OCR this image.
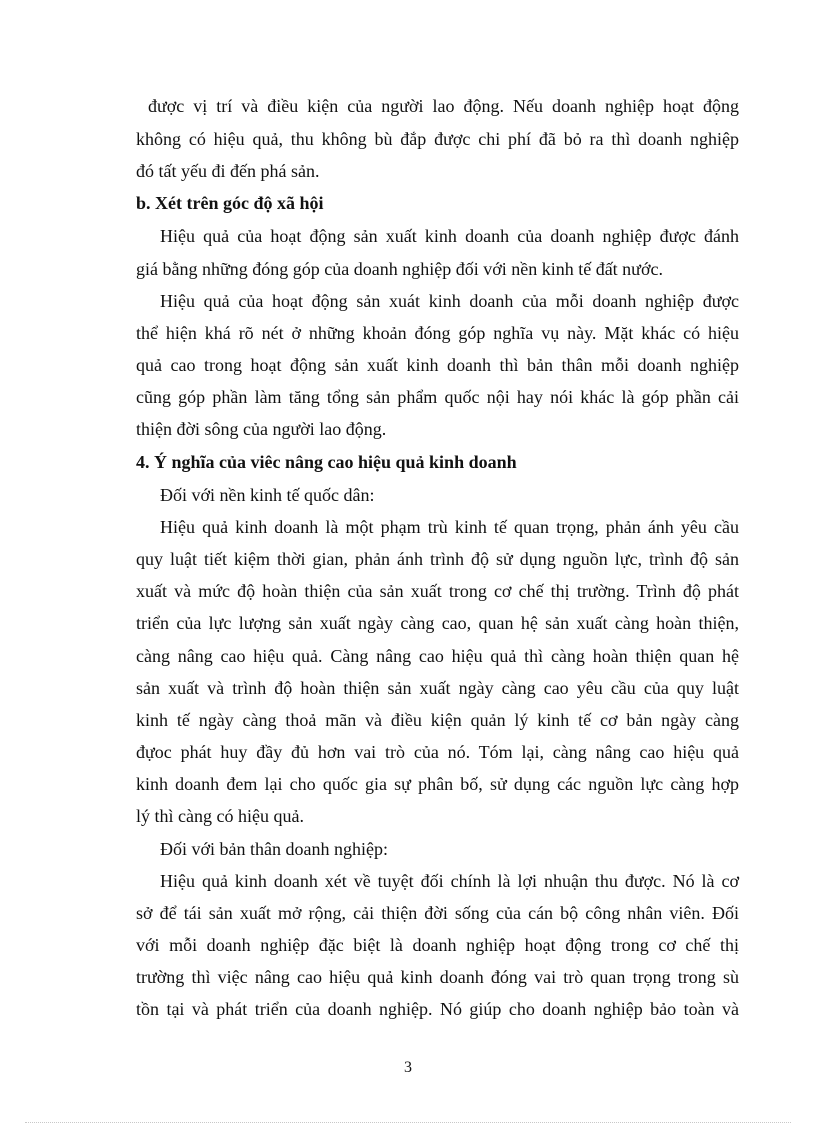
được vị trí và điều kiện của người lao động. Nếu doanh nghiệp hoạt động
không có hiệu quả, thu không bù đắp được chi phí đã bỏ ra thì doanh nghiệp
đó tất yếu đi đến phá sản.
b. Xét trên góc độ xã hội
Hiệu quả của hoạt động sản xuất kinh doanh của doanh nghiệp được đánh
giá bằng những đóng góp của doanh nghiệp đối với nền kinh tế đất nước.
Hiệu quả của hoạt động sản xuát kinh doanh của mỗi doanh nghiệp được
thể hiện khá rõ nét ở những khoản đóng góp nghĩa vụ này. Mặt khác có hiệu
quả cao trong hoạt động sản xuất kinh doanh thì bản thân mỗi doanh nghiệp
cũng góp phần làm tăng tổng sản phẩm quốc nội hay nói khác là góp phần cải
thiện đời sông của người lao động.
4. Ý nghĩa của viêc nâng cao hiệu quả kinh doanh
Đối với nền kinh tế quốc dân:
Hiệu quả kinh doanh là một phạm trù kinh tế quan trọng, phản ánh yêu cầu
quy luật tiết kiệm thời gian, phản ánh trình độ sử dụng nguồn lực, trình độ sản
xuất và mức độ hoàn thiện của sản xuất trong cơ chế thị trường. Trình độ phát
triển của lực lượng sản xuất ngày càng cao, quan hệ sản xuất càng hoàn thiện,
càng nâng cao hiệu quả. Càng nâng cao hiệu quả thì càng hoàn thiện quan hệ
sản xuất và trình độ hoàn thiện sản xuất ngày càng cao yêu cầu của quy luật
kinh tế ngày càng thoả mãn và điều kiện quản lý kinh tế cơ bản ngày càng
đựoc phát huy đầy đủ hơn vai trò của nó. Tóm lại, càng nâng cao hiệu quả
kinh doanh đem lại cho quốc gia sự phân bố, sử dụng các nguồn lực càng hợp
lý thì càng có hiệu quả.
Đối với bản thân doanh nghiệp:
Hiệu quả kinh doanh xét về tuyệt đối chính là lợi nhuận thu được. Nó là cơ
sở để tái sản xuất mở rộng, cải thiện đời sống của cán bộ công nhân viên. Đối
với mỗi doanh nghiệp đặc biệt là doanh nghiệp hoạt động trong cơ chế thị
trường thì việc nâng cao hiệu quả kinh doanh đóng vai trò quan trọng trong sù
tồn tại và phát triển của doanh nghiệp. Nó giúp cho doanh nghiệp bảo toàn và
3
